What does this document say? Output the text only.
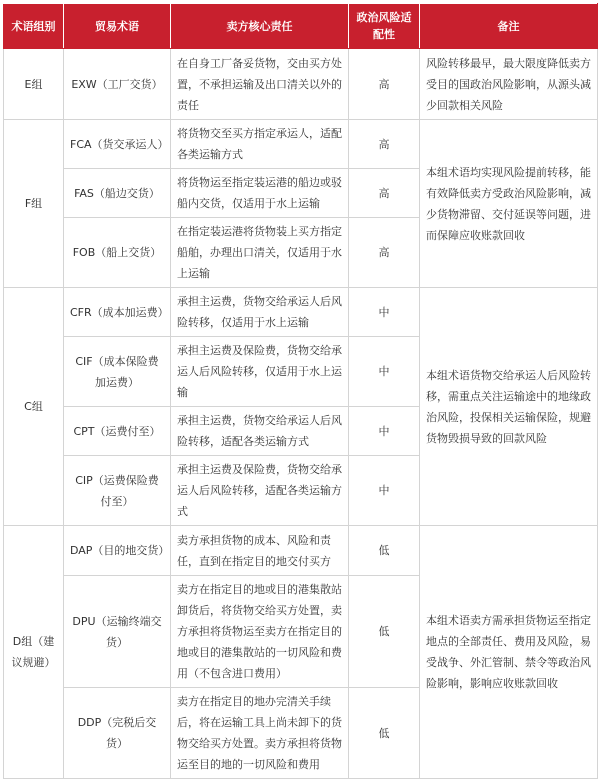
术语组别	贸易术语	卖方核心责任	政治风险适配性	备注
E组	EXW（工厂交货）	在自身工厂备妥货物，交由买方处置，不承担运输及出口清关以外的责任	高	风险转移最早，最大限度降低卖方受目的国政治风险影响，从源头减少回款相关风险
F组	FCA（货交承运人）	将货物交至买方指定承运人，适配各类运输方式	高	本组术语均实现风险提前转移，能有效降低卖方受政治风险影响，减少货物滞留、交付延误等问题，进而保障应收账款回收
	FAS（船边交货）	将货物运至指定装运港的船边或驳船内交货，仅适用于水上运输	高	
	FOB（船上交货）	在指定装运港将货物装上买方指定船舶，办理出口清关，仅适用于水上运输	高	
C组	CFR（成本加运费）	承担主运费，货物交给承运人后风险转移，仅适用于水上运输	中	本组术语货物交给承运人后风险转移，需重点关注运输途中的地缘政治风险，投保相关运输保险，规避货物毁损导致的回款风险
	CIF（成本保险费加运费）	承担主运费及保险费，货物交给承运人后风险转移，仅适用于水上运输	中	
	CPT（运费付至）	承担主运费，货物交给承运人后风险转移，适配各类运输方式	中	
	CIP（运费保险费付至）	承担主运费及保险费，货物交给承运人后风险转移，适配各类运输方式	中	
D组（建议规避）	DAP（目的地交货）	卖方承担货物的成本、风险和责任，直到在指定目的地交付买方	低	本组术语卖方需承担货物运至指定地点的全部责任、费用及风险，易受战争、外汇管制、禁令等政治风险影响，影响应收账款回收
	DPU（运输终端交货）	卖方在指定目的地或目的港集散站卸货后，将货物交给买方处置，卖方承担将货物运至卖方在指定目的地或目的港集散站的一切风险和费用（不包含进口费用）	低	
	DDP（完税后交货）	卖方在指定目的地办完清关手续后，将在运输工具上尚未卸下的货物交给买方处置。卖方承担将货物运至目的地的一切风险和费用	低	
